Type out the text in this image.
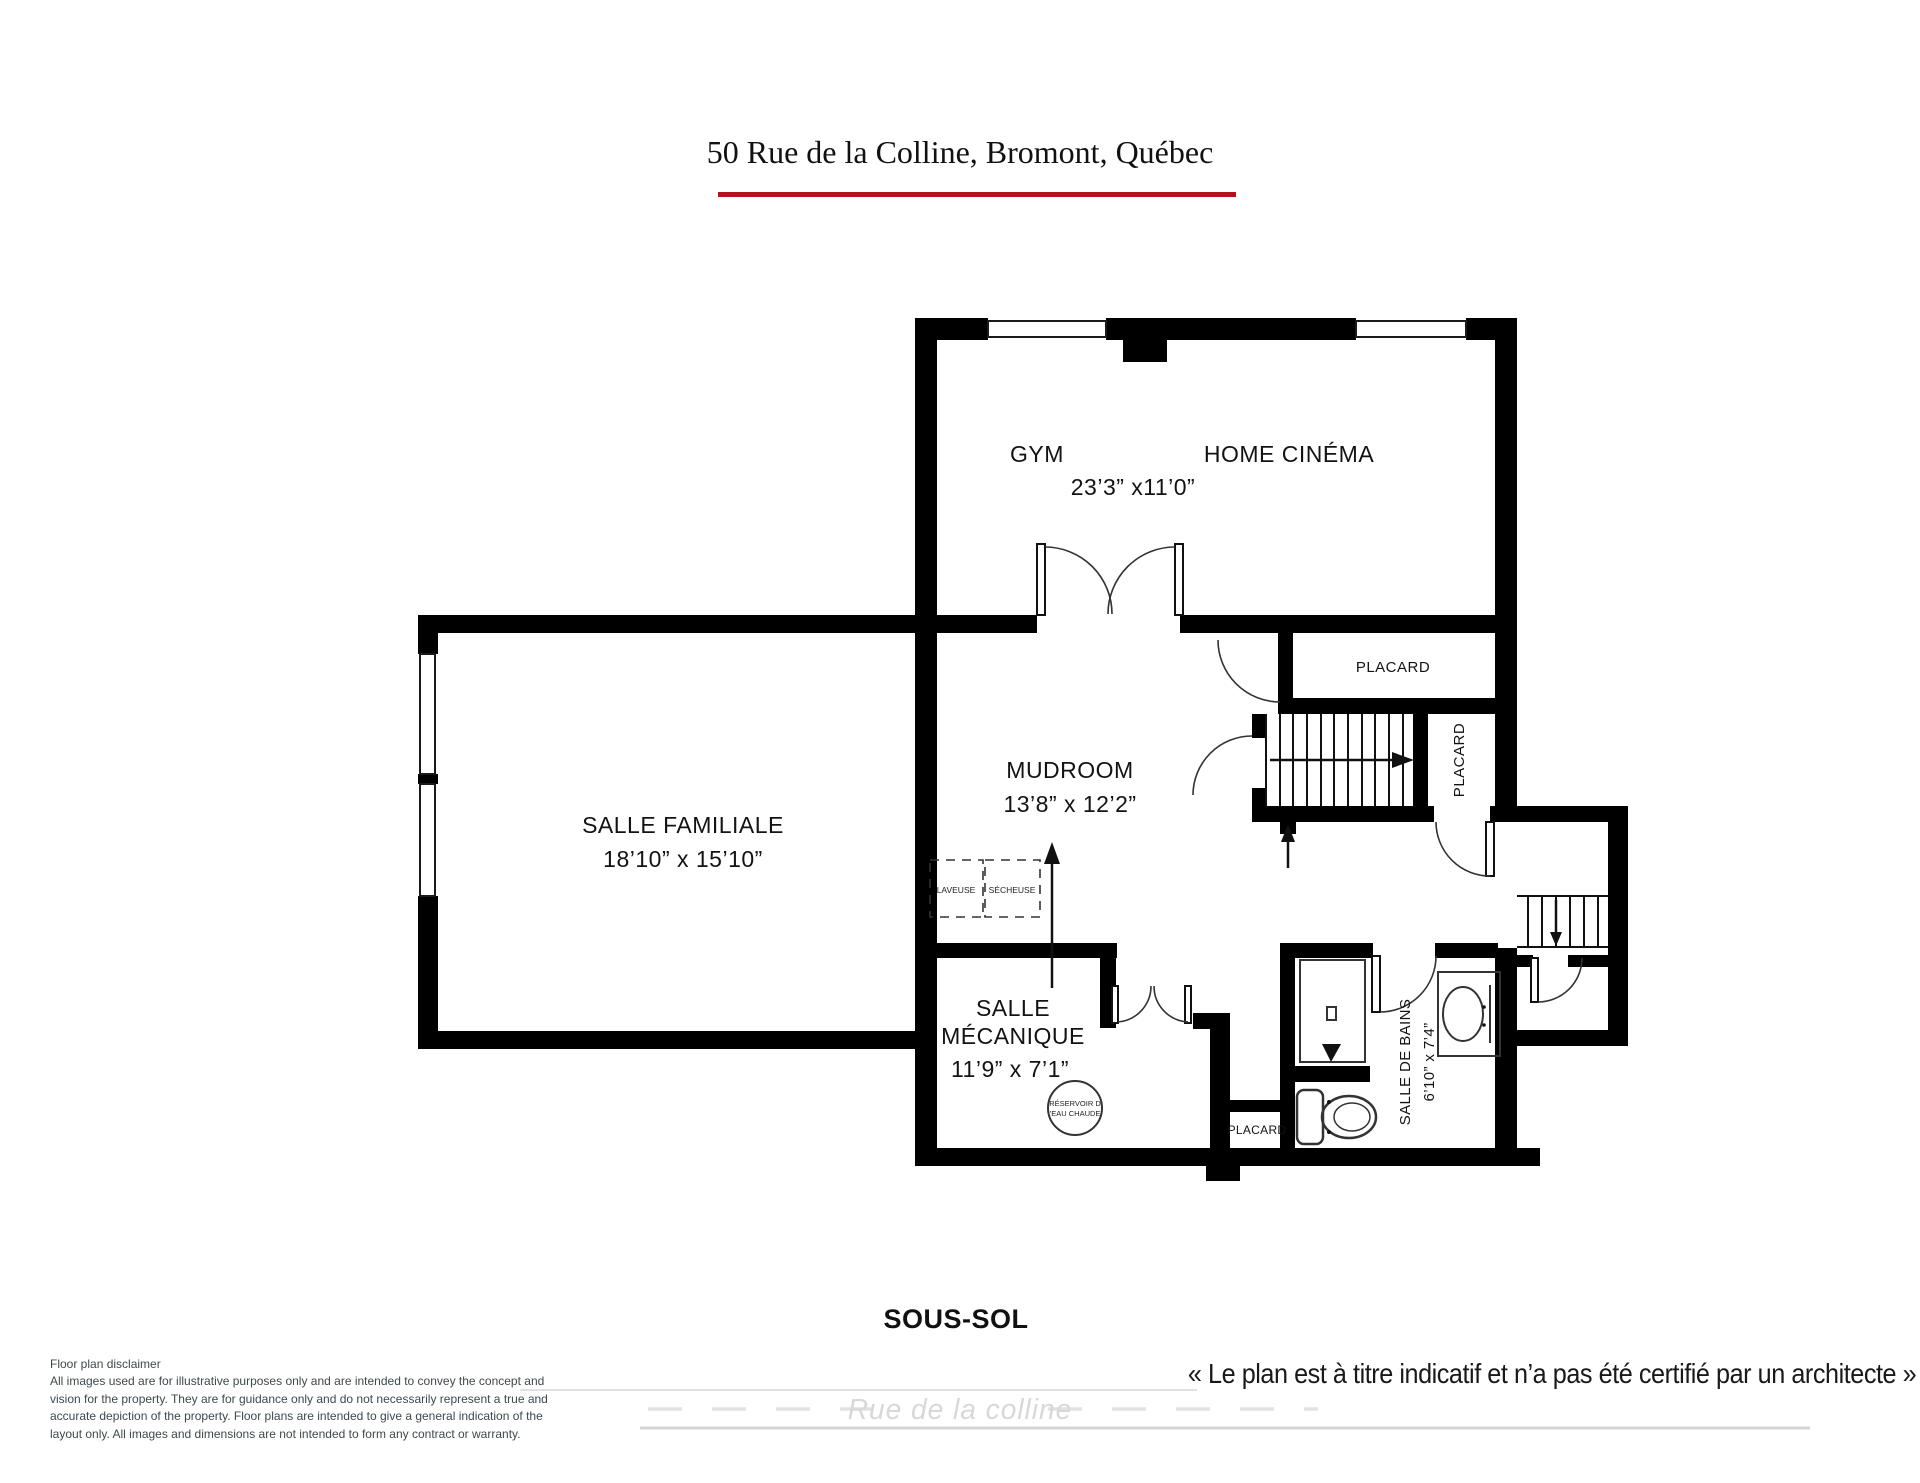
50 Rue de la Colline, Bromont, Québec
GYM	HOME CINÉMA
23’3” x11’0”
SALLE FAMILIALE
18’10” x 15’10”
MUDROOM
13’8” x 12’2”
SALLE
MÉCANIQUE
11’9” x 7’1”
PLACARD
PLACARD
PLACARD
SALLE DE BAINS 6’10” x 7’4”
LAVEUSE SÉCHEUSE
RÉSERVOIR D
’EAU CHAUDE
SOUS-SOL
« Le plan est à titre indicatif et n’a pas été certifié par un architecte »
Rue de la colline
Floor plan disclaimer
All images used are for illustrative purposes only and are intended to convey the concept and vision for the property. They are for guidance only and do not necessarily represent a true and accurate depiction of the property. Floor plans are intended to give a general indication of the layout only. All images and dimensions are not intended to form any contract or warranty.
